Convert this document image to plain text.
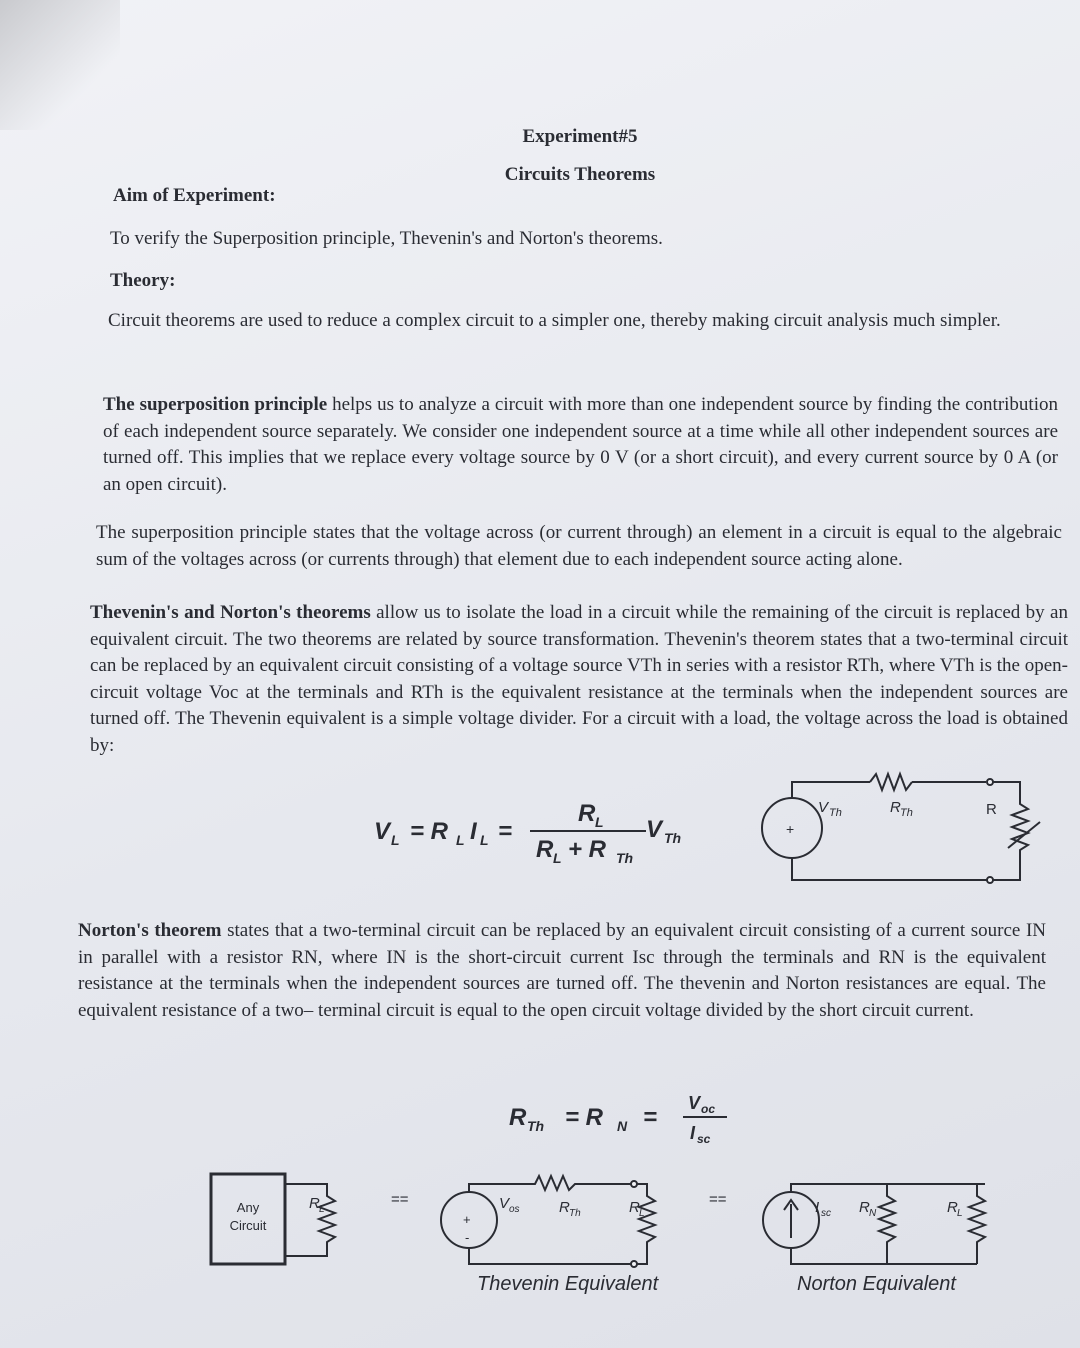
Experiment#5
Circuits Theorems
Aim of Experiment:
To verify the Superposition principle, Thevenin's and Norton's theorems.
Theory:
Circuit theorems are used to reduce a complex circuit to a simpler one, thereby making circuit analysis much simpler.
The superposition principle helps us to analyze a circuit with more than one independent source by finding the contribution of each independent source separately. We consider one independent source at a time while all other independent sources are turned off. This implies that we replace every voltage source by 0 V (or a short circuit), and every current source by 0 A (or an open circuit).
The superposition principle states that the voltage across (or current through) an element in a circuit is equal to the algebraic sum of the voltages across (or currents through) that element due to each independent source acting alone.
Thevenin's and Norton's theorems allow us to isolate the load in a circuit while the remaining of the circuit is replaced by an equivalent circuit. The two theorems are related by source transformation. Thevenin's theorem states that a two-terminal circuit can be replaced by an equivalent circuit consisting of a voltage source VTh in series with a resistor RTh, where VTh is the open- circuit voltage Voc at the terminals and RTh is the equivalent resistance at the terminals when the independent sources are turned off. The Thevenin equivalent is a simple voltage divider. For a circuit with a load, the voltage across the load is obtained by:
V L = R L I L =
R L
R L + R Th
V Th
+
V Th	R Th	R
Norton's theorem states that a two-terminal circuit can be replaced by an equivalent circuit consisting of a current source IN in parallel with a resistor RN, where IN is the short-circuit current Isc through the terminals and RN is the equivalent resistance at the terminals when the independent sources are turned off. The thevenin and Norton resistances are equal. The equivalent resistance of a two– terminal circuit is equal to the open circuit voltage divided by the short circuit current.
R Th = R N =
V oc
I sc
Any
Circuit
R L
==
+
-
V os	R Th	R L
Thevenin Equivalent
==	I sc R N	R L
Norton Equivalent
